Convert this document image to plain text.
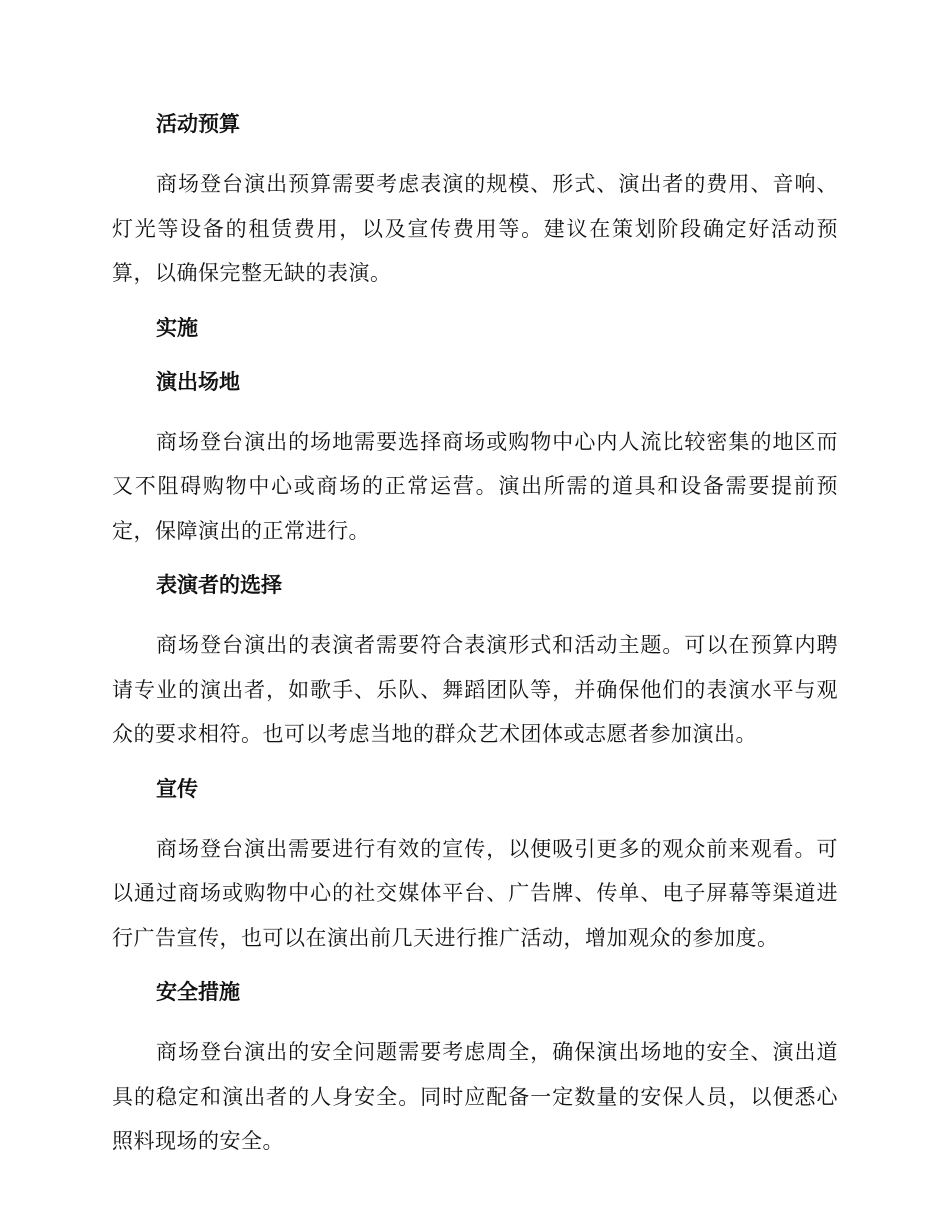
活动预算

商场登台演出预算需要考虑表演的规模、形式、演出者的费用、音响、灯光等设备的租赁费用，以及宣传费用等。建议在策划阶段确定好活动预算，以确保完整无缺的表演。

实施
演出场地

商场登台演出的场地需要选择商场或购物中心内人流比较密集的地区而又不阻碍购物中心或商场的正常运营。演出所需的道具和设备需要提前预定，保障演出的正常进行。

表演者的选择

商场登台演出的表演者需要符合表演形式和活动主题。可以在预算内聘请专业的演出者，如歌手、乐队、舞蹈团队等，并确保他们的表演水平与观众的要求相符。也可以考虑当地的群众艺术团体或志愿者参加演出。

宣传

商场登台演出需要进行有效的宣传，以便吸引更多的观众前来观看。可以通过商场或购物中心的社交媒体平台、广告牌、传单、电子屏幕等渠道进行广告宣传，也可以在演出前几天进行推广活动，增加观众的参加度。

安全措施

商场登台演出的安全问题需要考虑周全，确保演出场地的安全、演出道具的稳定和演出者的人身安全。同时应配备一定数量的安保人员，以便悉心照料现场的安全。
